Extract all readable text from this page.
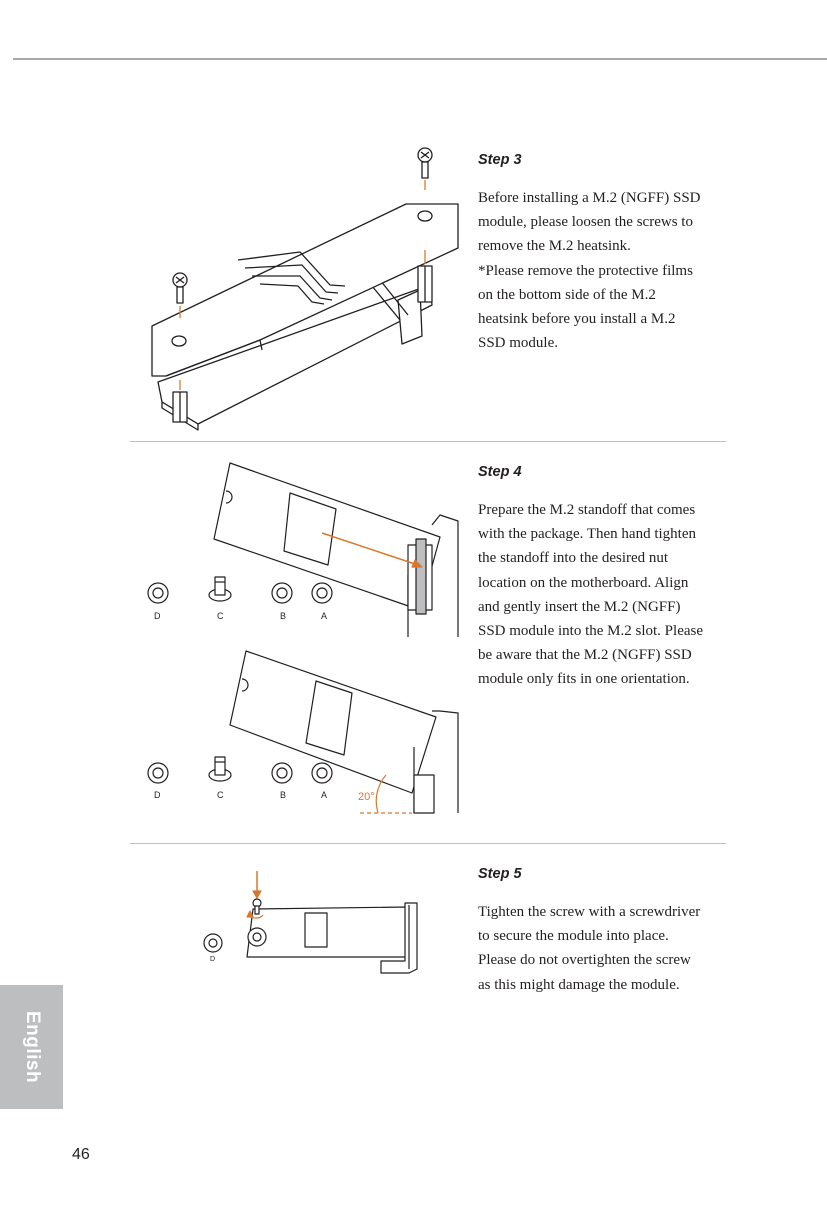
Step 3

Before installing a M.2 (NGFF) SSD
module, please loosen the screws to
remove the M.2 heatsink.
*Please remove the protective films
on the bottom side of the M.2
heatsink before you install a M.2
SSD module.

D	C	B	A
20°
D	C	B	A
Step 4

Prepare the M.2 standoff that comes
with the package. Then hand tighten
the standoff into the desired nut
location on the motherboard. Align
and gently insert the M.2 (NGFF)
SSD module into the M.2 slot. Please
be aware that the M.2 (NGFF) SSD
module only fits in one orientation.

D
Step 5

Tighten the screw with a screwdriver
to secure the module into place.
Please do not overtighten the screw
as this might damage the module.

English

46
